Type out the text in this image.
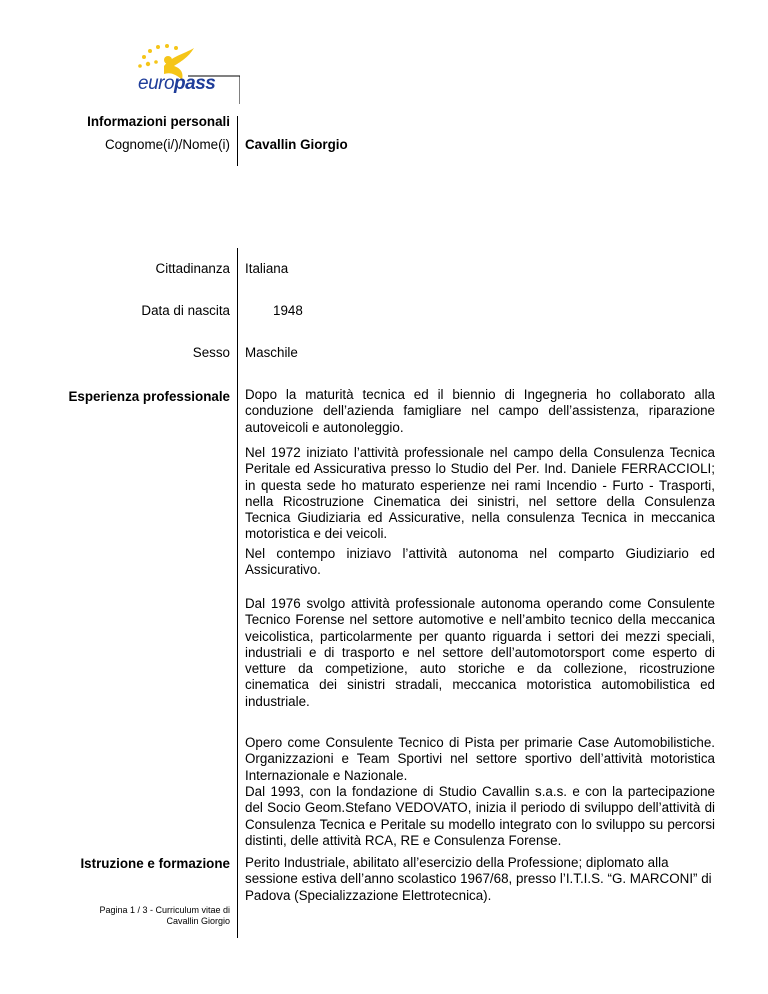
europass
Informazioni personali
Cognome(i/)/Nome(i) Cavallin Giorgio
Cittadinanza Italiana
Data di nascita	1948
Sesso Maschile
Esperienza professionale Dopo la maturità tecnica ed il biennio di Ingegneria ho collaborato alla conduzione dell’azienda famigliare nel campo dell’assistenza, riparazione autoveicoli e autonoleggio.
Nel 1972 iniziato l’attività professionale nel campo della Consulenza Tecnica Peritale ed Assicurativa presso lo Studio del Per. Ind. Daniele FERRACCIOLI; in questa sede ho maturato esperienze nei rami Incendio - Furto - Trasporti, nella Ricostruzione Cinematica dei sinistri, nel settore della Consulenza Tecnica Giudiziaria ed Assicurative, nella consulenza Tecnica in meccanica motoristica e dei veicoli.
Nel contempo iniziavo l’attività autonoma nel comparto Giudiziario ed Assicurativo.
Dal 1976 svolgo attività professionale autonoma operando come Consulente Tecnico Forense nel settore automotive e nell’ambito tecnico della meccanica veicolistica, particolarmente per quanto riguarda i settori dei mezzi speciali, industriali e di trasporto e nel settore dell’automotorsport come esperto di vetture da competizione, auto storiche e da collezione, ricostruzione cinematica dei sinistri stradali, meccanica motoristica automobilistica ed industriale.
Opero come Consulente Tecnico di Pista per primarie Case Automobilistiche. Organizzazioni e Team Sportivi nel settore sportivo dell’attività motoristica Internazionale e Nazionale.
Dal 1993, con la fondazione di Studio Cavallin s.a.s. e con la partecipazione del Socio Geom.Stefano VEDOVATO, inizia il periodo di sviluppo dell’attività di Consulenza Tecnica e Peritale su modello integrato con lo sviluppo su percorsi distinti, delle attività RCA, RE e Consulenza Forense.
Istruzione e formazione Perito Industriale, abilitato all’esercizio della Professione; diplomato alla sessione estiva dell’anno scolastico 1967/68, presso l’I.T.I.S. “G. MARCONI” di Padova (Specializzazione Elettrotecnica).
Pagina 1 / 3 - Curriculum vitae di
Cavallin Giorgio
